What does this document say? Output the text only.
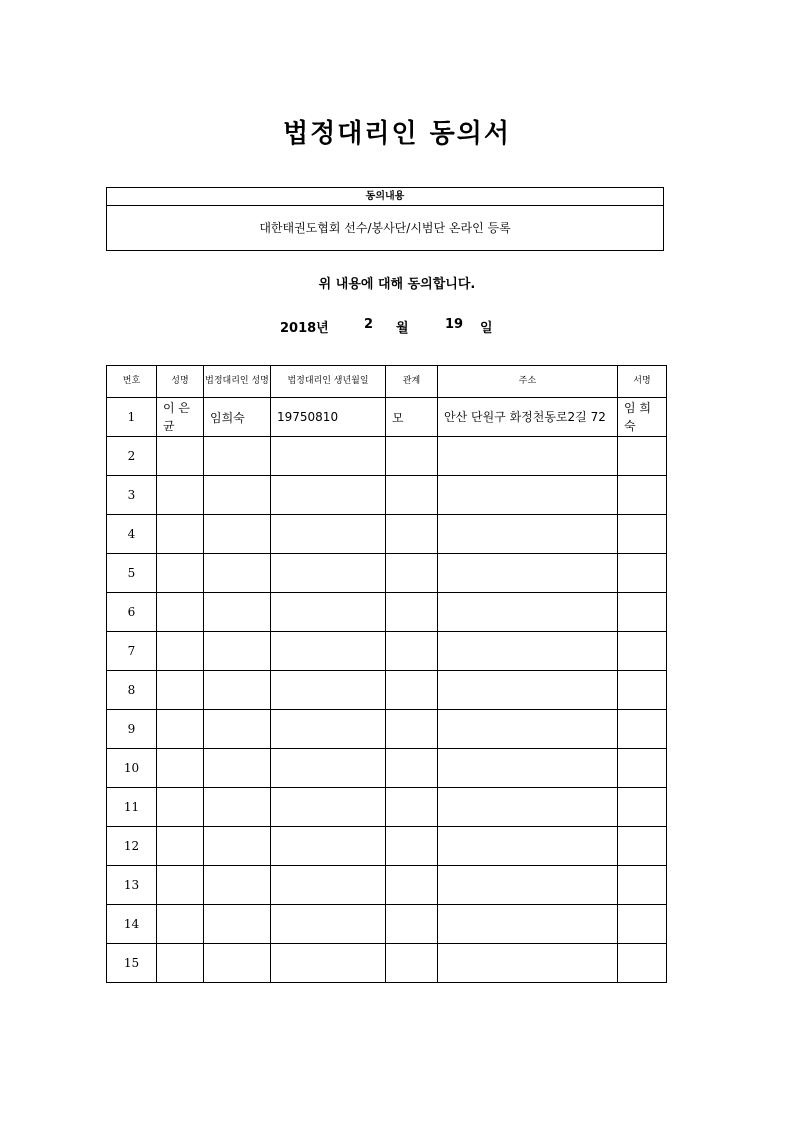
법정대리인 동의서
동의내용
대한태권도협회 선수/봉사단/시범단 온라인 등록
위 내용에 대해 동의합니다.
2018년	2 월	19 일
번호	성명	법정대리인 성명	법정대리인 생년월일	관계	주소	서명
1	이 은 균	임희숙	19750810	모	안산 단원구 화정천동로2길 72	임 희 숙
2						
3						
4						
5						
6						
7						
8						
9						
10						
11						
12						
13						
14						
15						
